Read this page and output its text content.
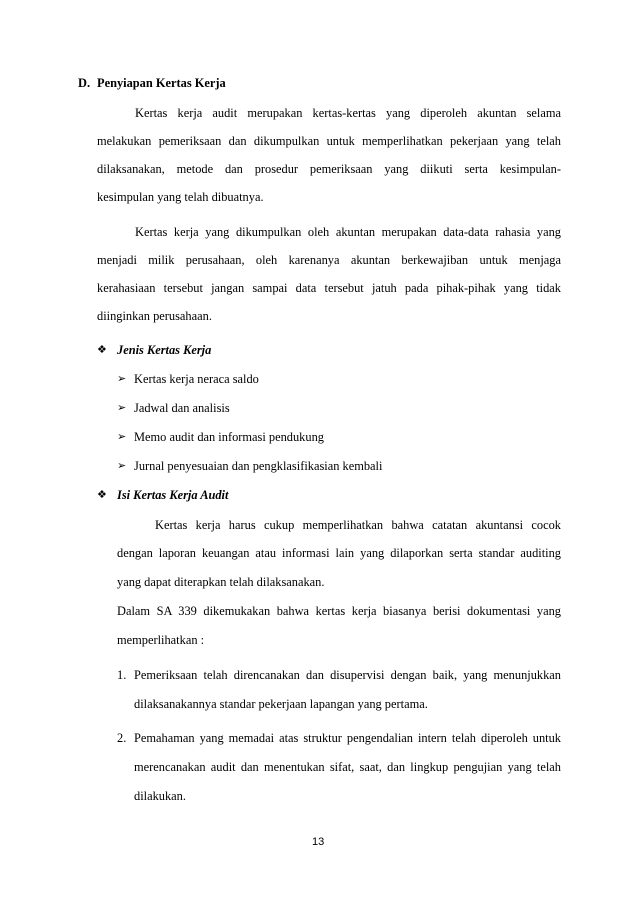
D. Penyiapan Kertas Kerja
Kertas kerja audit merupakan kertas-kertas yang diperoleh akuntan selama
melakukan pemeriksaan dan dikumpulkan untuk memperlihatkan pekerjaan yang telah
dilaksanakan, metode dan prosedur pemeriksaan yang diikuti serta kesimpulan-
kesimpulan yang telah dibuatnya.
Kertas kerja yang dikumpulkan oleh akuntan merupakan data-data rahasia yang
menjadi milik perusahaan, oleh karenanya akuntan berkewajiban untuk menjaga
kerahasiaan tersebut jangan sampai data tersebut jatuh pada pihak-pihak yang tidak
diinginkan perusahaan.
❖ Jenis Kertas Kerja
➢ Kertas kerja neraca saldo
➢ Jadwal dan analisis
➢ Memo audit dan informasi pendukung
➢ Jurnal penyesuaian dan pengklasifikasian kembali
❖ Isi Kertas Kerja Audit
Kertas kerja harus cukup memperlihatkan bahwa catatan akuntansi cocok
dengan laporan keuangan atau informasi lain yang dilaporkan serta standar auditing
yang dapat diterapkan telah dilaksanakan.
Dalam SA 339 dikemukakan bahwa kertas kerja biasanya berisi dokumentasi yang
memperlihatkan :
1. Pemeriksaan telah direncanakan dan disupervisi dengan baik, yang menunjukkan
dilaksanakannya standar pekerjaan lapangan yang pertama.
2. Pemahaman yang memadai atas struktur pengendalian intern telah diperoleh untuk
merencanakan audit dan menentukan sifat, saat, dan lingkup pengujian yang telah
dilakukan.
13
